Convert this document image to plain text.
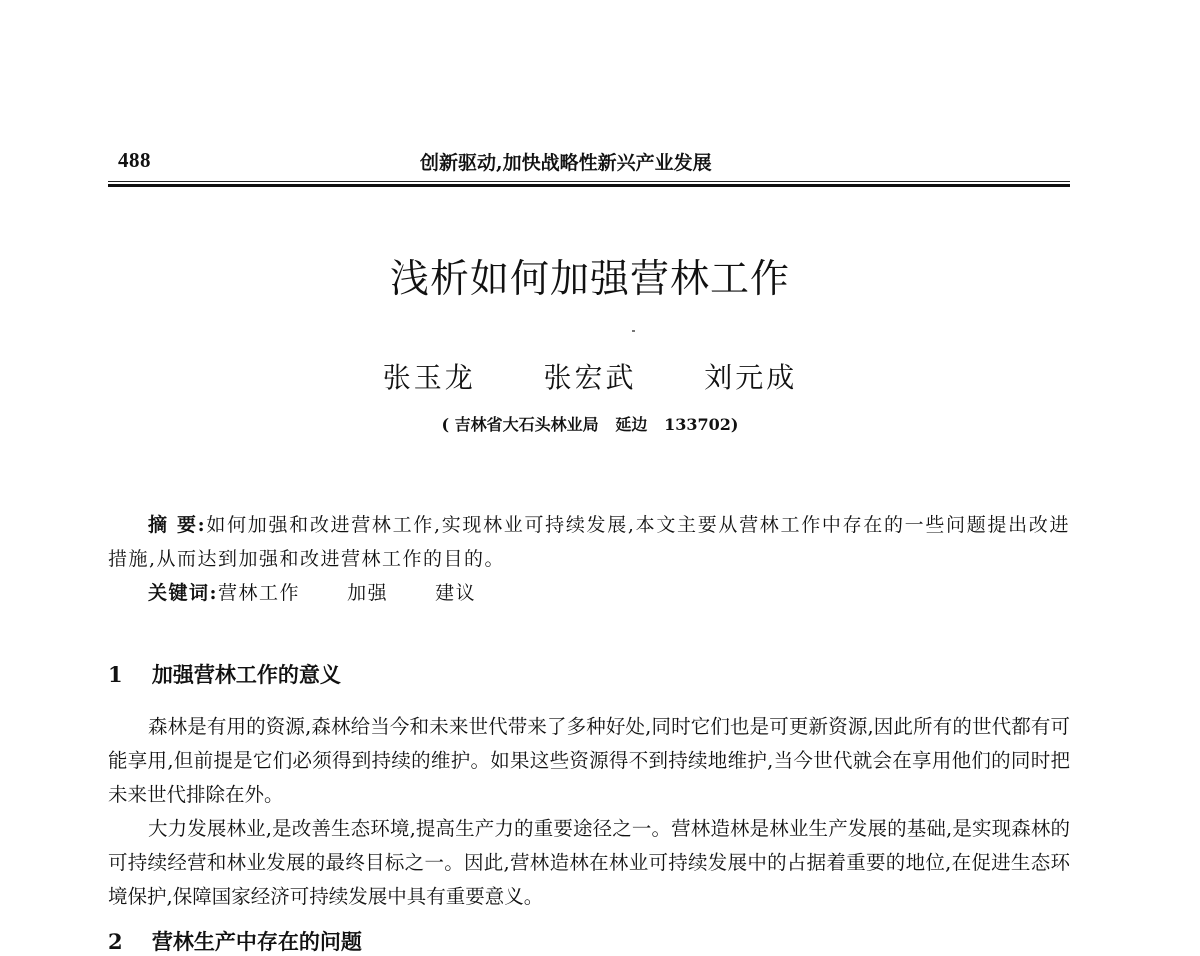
488	创新驱动,加快战略性新兴产业发展
浅析如何加强营林工作
张玉龙  张宏武  刘元成
( 吉林省大石头林业局   延边   133702)
摘 要:如何加强和改进营林工作,实现林业可持续发展,本文主要从营林工作中存在的一些问题提出改进措施,从而达到加强和改进营林工作的目的。
关键词:营林工作  加强  建议
1    加强营林工作的意义
森林是有用的资源,森林给当今和未来世代带来了多种好处,同时它们也是可更新资源,因此所有的世代都有可能享用,但前提是它们必须得到持续的维护。如果这些资源得不到持续地维护,当今世代就会在享用他们的同时把未来世代排除在外。
大力发展林业,是改善生态环境,提高生产力的重要途径之一。营林造林是林业生产发展的基础,是实现森林的可持续经营和林业发展的最终目标之一。因此,营林造林在林业可持续发展中的占据着重要的地位,在促进生态环境保护,保障国家经济可持续发展中具有重要意义。
2    营林生产中存在的问题
